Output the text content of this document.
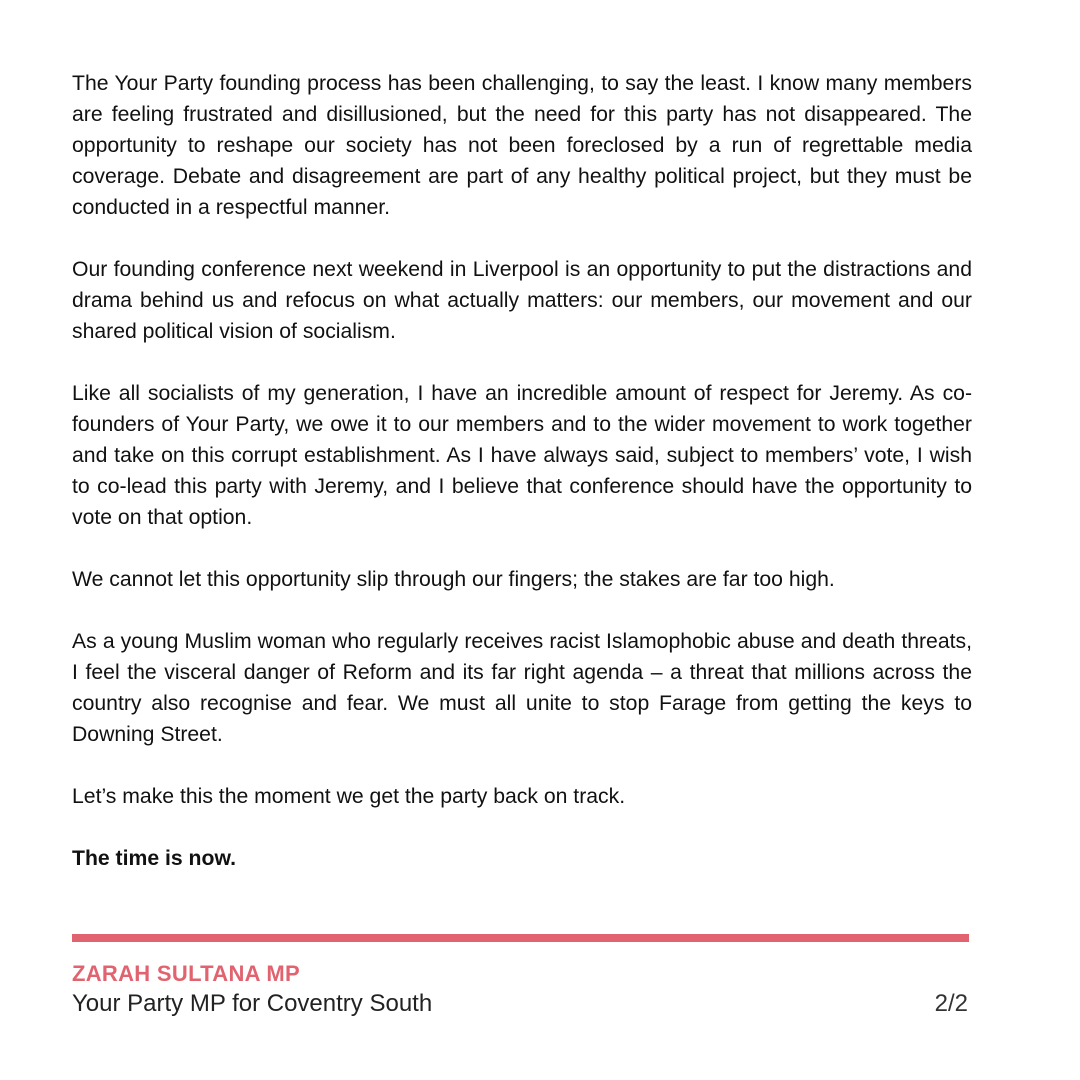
The Your Party founding process has been challenging, to say the least. I know many members are feeling frustrated and disillusioned, but the need for this party has not disappeared. The opportunity to reshape our society has not been foreclosed by a run of regrettable media coverage. Debate and disagreement are part of any healthy political project, but they must be conducted in a respectful manner.

Our founding conference next weekend in Liverpool is an opportunity to put the distractions and drama behind us and refocus on what actually matters: our members, our movement and our shared political vision of socialism.

Like all socialists of my generation, I have an incredible amount of respect for Jeremy. As co-founders of Your Party, we owe it to our members and to the wider movement to work together and take on this corrupt establishment. As I have always said, subject to members’ vote, I wish to co-lead this party with Jeremy, and I believe that conference should have the opportunity to vote on that option.

We cannot let this opportunity slip through our fingers; the stakes are far too high.

As a young Muslim woman who regularly receives racist Islamophobic abuse and death threats, I feel the visceral danger of Reform and its far right agenda – a threat that millions across the country also recognise and fear. We must all unite to stop Farage from getting the keys to Downing Street.

Let’s make this the moment we get the party back on track.

The time is now.

ZARAH SULTANA MP

Your Party MP for Coventry South	2/2
